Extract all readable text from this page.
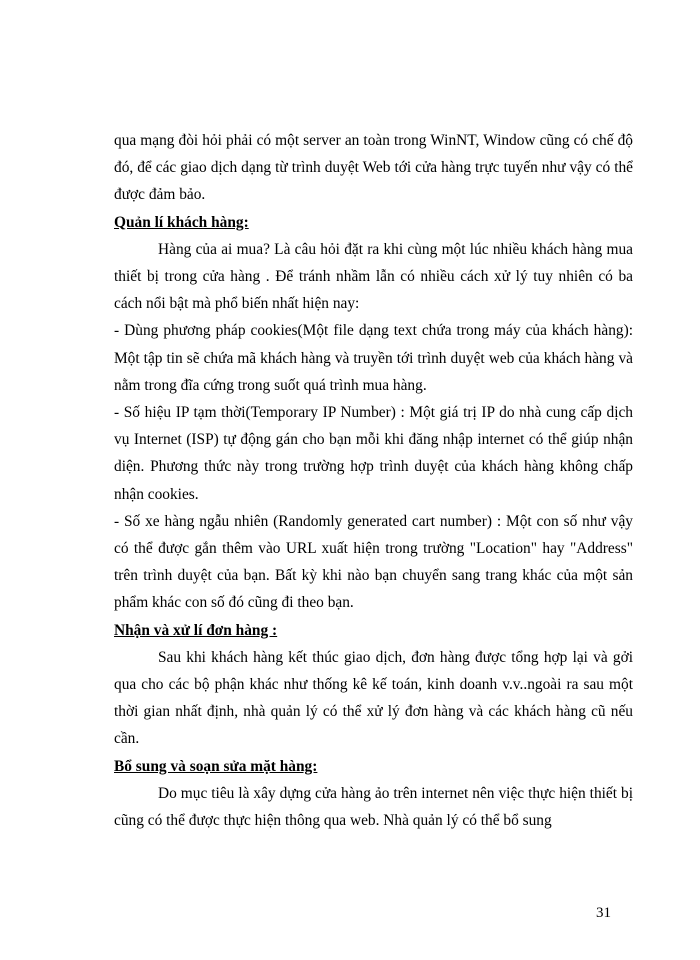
qua mạng đòi hỏi phải có một server an toàn trong WinNT, Window cũng có chế độ đó, để các giao dịch dạng từ trình duyệt Web tới cửa hàng trực tuyến như vậy có thể được đảm bảo.

Quản lí khách hàng:

Hàng của ai mua? Là câu hỏi đặt ra khi cùng một lúc nhiều khách hàng mua thiết bị trong cửa hàng . Để tránh nhầm lẫn có nhiều cách xử lý tuy nhiên có ba cách nổi bật mà phổ biến nhất hiện nay:

- Dùng phương pháp cookies(Một file dạng text chứa trong máy của khách hàng): Một tập tin sẽ chứa mã khách hàng và truyền tới trình duyệt web của khách hàng và nằm trong đĩa cứng trong suốt quá trình mua hàng.

- Số hiệu IP tạm thời(Temporary IP Number) : Một giá trị IP do nhà cung cấp dịch vụ Internet (ISP) tự động gán cho bạn mỗi khi đăng nhập internet có thể giúp nhận diện. Phương thức này trong trường hợp trình duyệt của khách hàng không chấp nhận cookies.

- Số xe hàng ngẫu nhiên (Randomly generated cart number) : Một con số như vậy có thể được gắn thêm vào URL xuất hiện trong trường "Location" hay "Address" trên trình duyệt của bạn. Bất kỳ khi nào bạn chuyển sang trang khác của một sản phẩm khác con số đó cũng đi theo bạn.

Nhận và xử lí đơn hàng :

Sau khi khách hàng kết thúc giao dịch, đơn hàng được tổng hợp lại và gởi qua cho các bộ phận khác như thống kê kế toán, kinh doanh v.v..ngoài ra sau một thời gian nhất định, nhà quản lý có thể xử lý đơn hàng và các khách hàng cũ nếu cần.

Bổ sung và soạn sửa mặt hàng:

Do mục tiêu là xây dựng cửa hàng ảo trên internet nên việc thực hiện thiết bị cũng có thể được thực hiện thông qua web. Nhà quản lý có thể bổ sung

31
